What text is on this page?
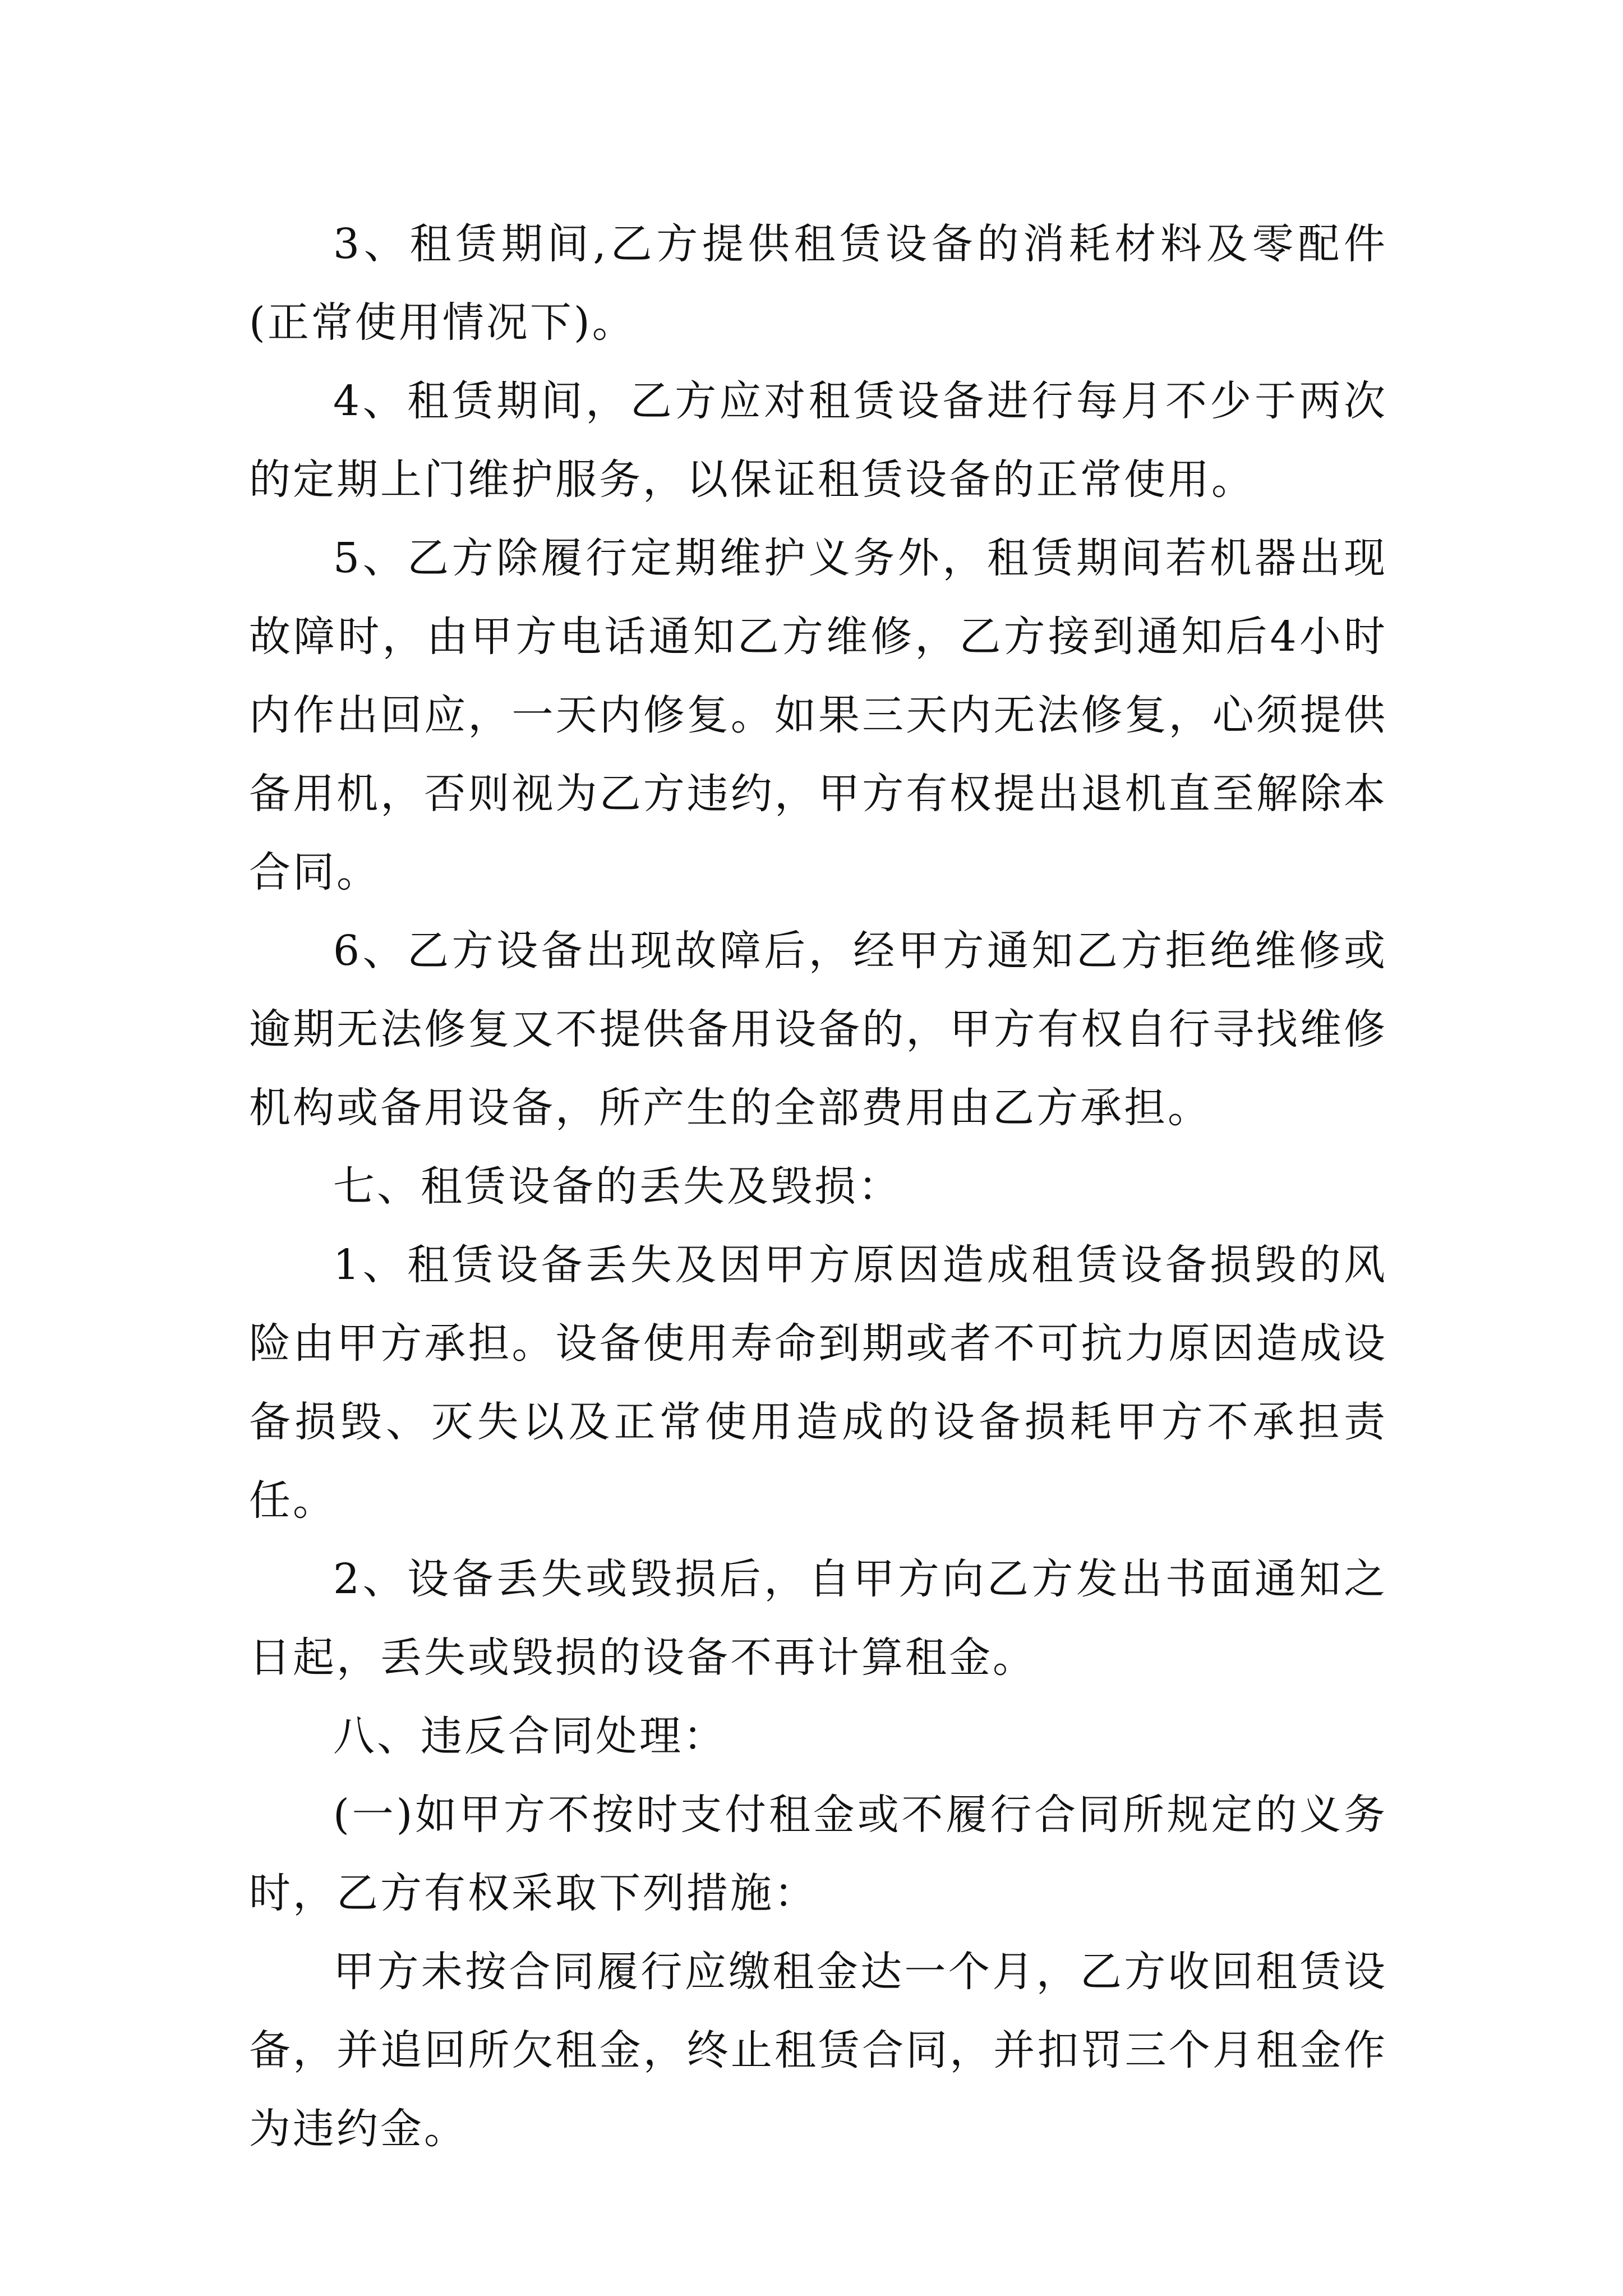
3、租赁期间,乙方提供租赁设备的消耗材料及零配件(正常使用情况下)。

4、租赁期间，乙方应对租赁设备进行每月不少于两次的定期上门维护服务，以保证租赁设备的正常使用。

5、乙方除履行定期维护义务外，租赁期间若机器出现故障时，由甲方电话通知乙方维修，乙方接到通知后4小时内作出回应，一天内修复。如果三天内无法修复，心须提供备用机，否则视为乙方违约，甲方有权提出退机直至解除本合同。

6、乙方设备出现故障后，经甲方通知乙方拒绝维修或逾期无法修复又不提供备用设备的，甲方有权自行寻找维修机构或备用设备，所产生的全部费用由乙方承担。

七、租赁设备的丢失及毁损：

1、租赁设备丢失及因甲方原因造成租赁设备损毁的风险由甲方承担。设备使用寿命到期或者不可抗力原因造成设备损毁、灭失以及正常使用造成的设备损耗甲方不承担责任。

2、设备丢失或毁损后，自甲方向乙方发出书面通知之日起，丢失或毁损的设备不再计算租金。

八、违反合同处理：

(一)如甲方不按时支付租金或不履行合同所规定的义务时，乙方有权采取下列措施：

甲方未按合同履行应缴租金达一个月，乙方收回租赁设备，并追回所欠租金，终止租赁合同，并扣罚三个月租金作为违约金。
